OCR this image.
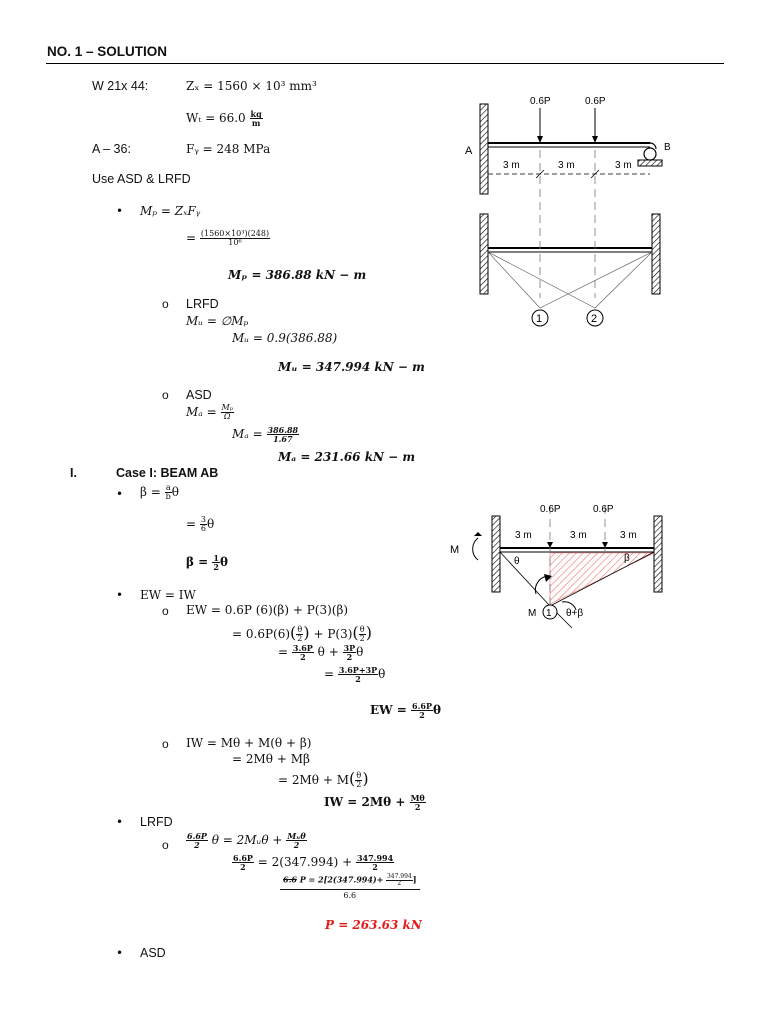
NO. 1 – SOLUTION
W 21x 44:	Zₓ = 1560 × 10³ mm³
$W_t = 66.0 \frac{kg}{m}$
A – 36:	Fᵧ = 248 MPa
Use ASD & LRFD
• Mₚ = ZₓFᵧ
= $\frac{\text{(1560×10³)(248)}}{\text{10⁶}}$
Mₚ = 386.88 kN − m
o LRFD
Mᵤ = ∅Mₚ
Mᵤ = 0.9(386.88)
Mᵤ = 347.994 kN − m
o ASD
$M_a = \frac{\text{Mₚ}}{\Omega}$
$M_a = \frac{386.88}{1.67}$
Mₐ = 231.66 kN − m
I.	Case I: BEAM AB
• $\beta = \frac{a}{b}$ θ
= $\frac{3}{6}$ θ
$\beta = \frac{1}{2}$ θ
• EW = IW
o EW = 0.6P (6)(β) + P(3)(β)
= $0.6P(6)( \frac{\theta}{2}$ ) + $P(3)( \frac{\theta}{2}$ )
= $\frac{3.6P}{2}$ $\theta + \frac{3P}{2}$ θ
= $\frac{3.6P+3P}{2}$ θ
EW = $\frac{6.6P}{2}$ θ
o IW = Mθ + M(θ + β)
= 2Mθ + Mβ
= $2M\theta + M( \frac{\theta}{2}$ )
IW = $2M\theta + \frac{M\theta}{2}$
• LRFD
o $\frac{6.6P}{2}$ θ = 2Mᵤθ + $\frac{\text{Mᵤθ}}{2}$
$\frac{6.6P}{2} = 2(347.994) + \frac{347.994}{2}$
6.6 $P = 2[2(347.994)+ \frac{347.994}{2}$ ]
6.6
P = 263.63 kN
• ASD
0.6P	0.6P
A	B
3 m	3 m	3 m
1	2
0.6P	0.6P
3 m	3 m	3 m
M
θ	β
M 1 θ+β
